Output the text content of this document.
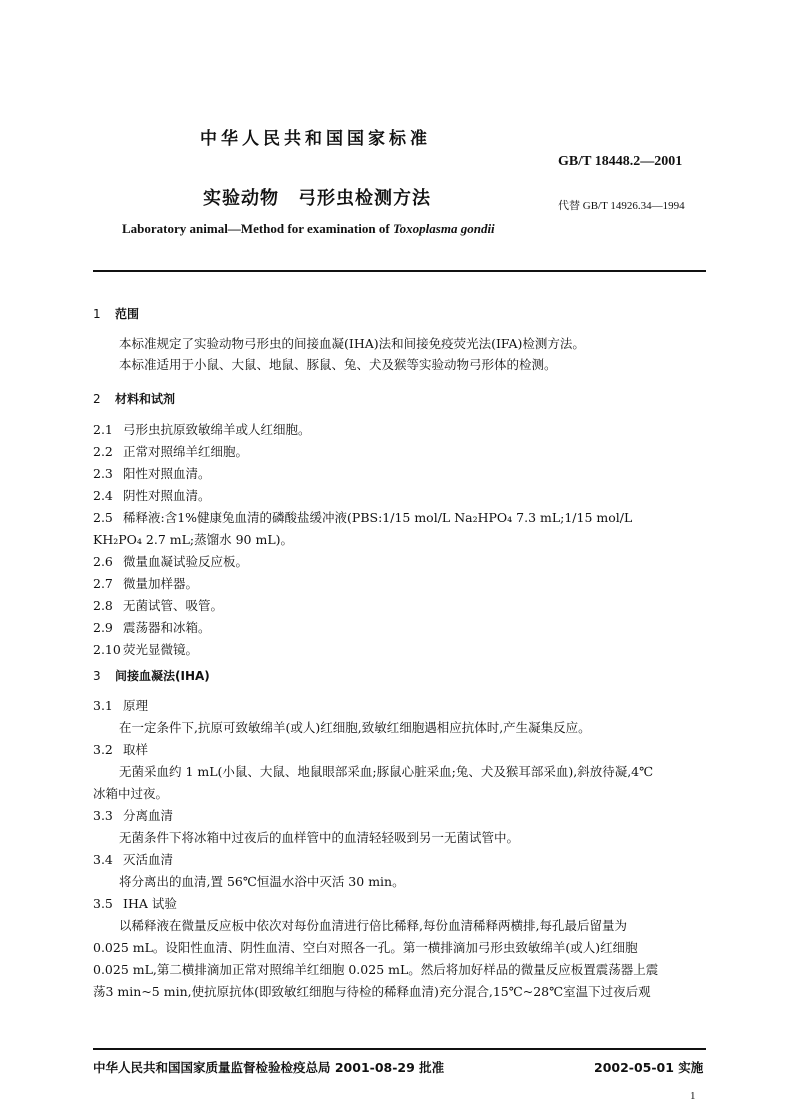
中华人民共和国国家标准
GB/T 18448.2—2001
实验动物　弓形虫检测方法	代替 GB/T 14926.34—1994
Laboratory animal—Method for examination of Toxoplasma gondii
1 范围
本标准规定了实验动物弓形虫的间接血凝(IHA)法和间接免疫荧光法(IFA)检测方法。
本标准适用于小鼠、大鼠、地鼠、豚鼠、兔、犬及猴等实验动物弓形体的检测。
2 材料和试剂
2.1 弓形虫抗原致敏绵羊或人红细胞。
2.2 正常对照绵羊红细胞。
2.3 阳性对照血清。
2.4 阴性对照血清。
2.5 稀释液:含1%健康兔血清的磷酸盐缓冲液(PBS:1/15 mol/L Na₂HPO₄ 7.3 mL;1/15 mol/L
KH₂PO₄ 2.7 mL;蒸馏水 90 mL)。
2.6 微量血凝试验反应板。
2.7 微量加样器。
2.8 无菌试管、吸管。
2.9 震荡器和冰箱。
2.10 荧光显微镜。
3 间接血凝法(IHA)
3.1 原理
在一定条件下,抗原可致敏绵羊(或人)红细胞,致敏红细胞遇相应抗体时,产生凝集反应。
3.2 取样
无菌采血约 1 mL(小鼠、大鼠、地鼠眼部采血;豚鼠心脏采血;兔、犬及猴耳部采血),斜放待凝,4℃
冰箱中过夜。
3.3 分离血清
无菌条件下将冰箱中过夜后的血样管中的血清轻轻吸到另一无菌试管中。
3.4 灭活血清
将分离出的血清,置 56℃恒温水浴中灭活 30 min。
3.5 IHA 试验
以稀释液在微量反应板中依次对每份血清进行倍比稀释,每份血清稀释两横排,每孔最后留量为
0.025 mL。设阳性血清、阴性血清、空白对照各一孔。第一横排滴加弓形虫致敏绵羊(或人)红细胞
0.025 mL,第二横排滴加正常对照绵羊红细胞 0.025 mL。然后将加好样品的微量反应板置震荡器上震
荡3 min~5 min,使抗原抗体(即致敏红细胞与待检的稀释血清)充分混合,15℃~28℃室温下过夜后观
中华人民共和国国家质量监督检验检疫总局 2001-08-29 批准	2002-05-01 实施
1
